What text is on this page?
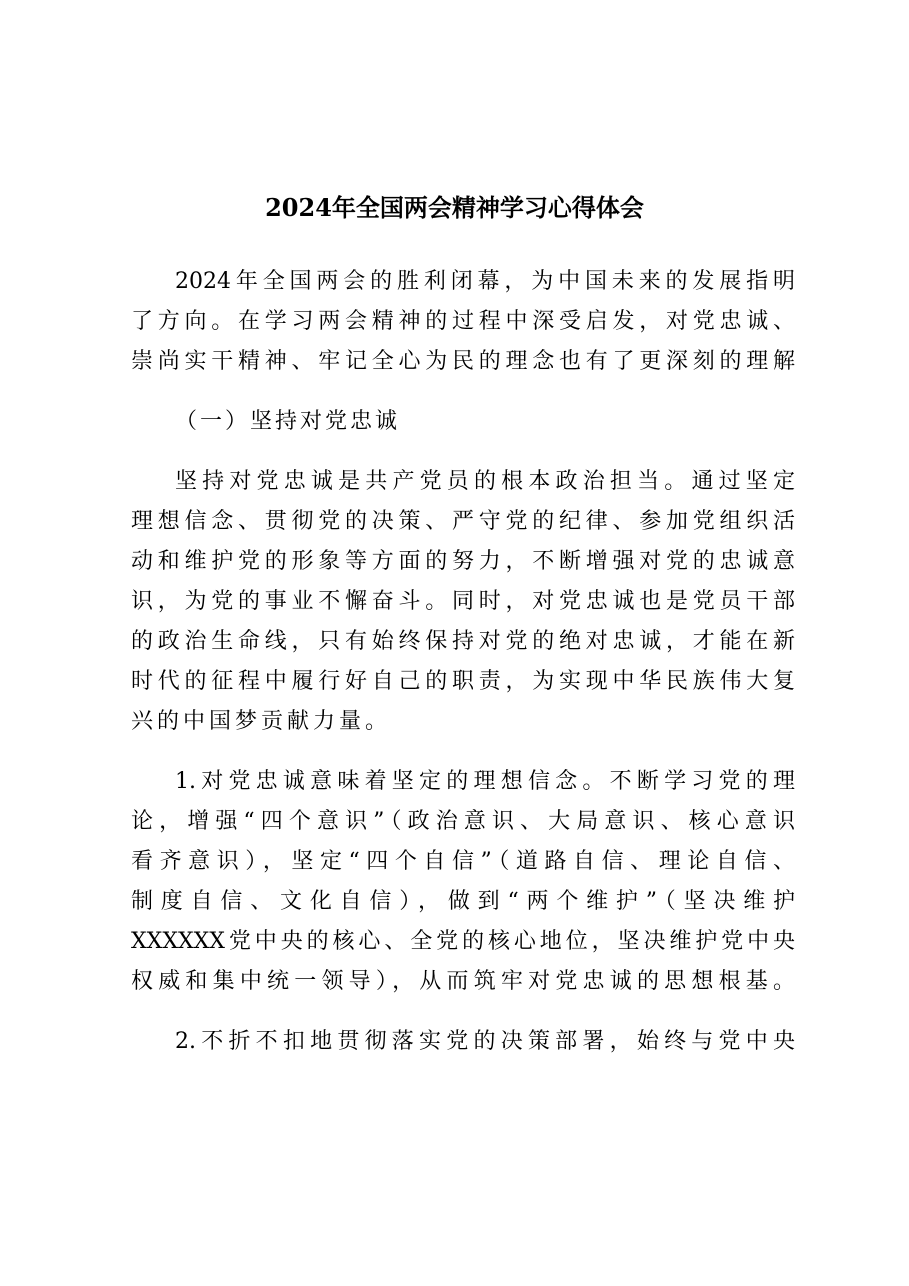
2024年全国两会精神学习心得体会
2024年全国两会的胜利闭幕，为中国未来的发展指明
了方向。在学习两会精神的过程中深受启发，对党忠诚、
崇尚实干精神、牢记全心为民的理念也有了更深刻的理解
（一）坚持对党忠诚
坚持对党忠诚是共产党员的根本政治担当。通过坚定
理想信念、贯彻党的决策、严守党的纪律、参加党组织活
动和维护党的形象等方面的努力，不断增强对党的忠诚意
识，为党的事业不懈奋斗。同时，对党忠诚也是党员干部
的政治生命线，只有始终保持对党的绝对忠诚，才能在新
时代的征程中履行好自己的职责，为实现中华民族伟大复
兴的中国梦贡献力量。
1.对党忠诚意味着坚定的理想信念。不断学习党的理
论，增强“四个意识”（政治意识、大局意识、核心意识
看齐意识），坚定“四个自信”（道路自信、理论自信、
制度自信、文化自信），做到“两个维护”（坚决维护
XXXXXX党中央的核心、全党的核心地位，坚决维护党中央
权威和集中统一领导），从而筑牢对党忠诚的思想根基。
2.不折不扣地贯彻落实党的决策部署，始终与党中央
